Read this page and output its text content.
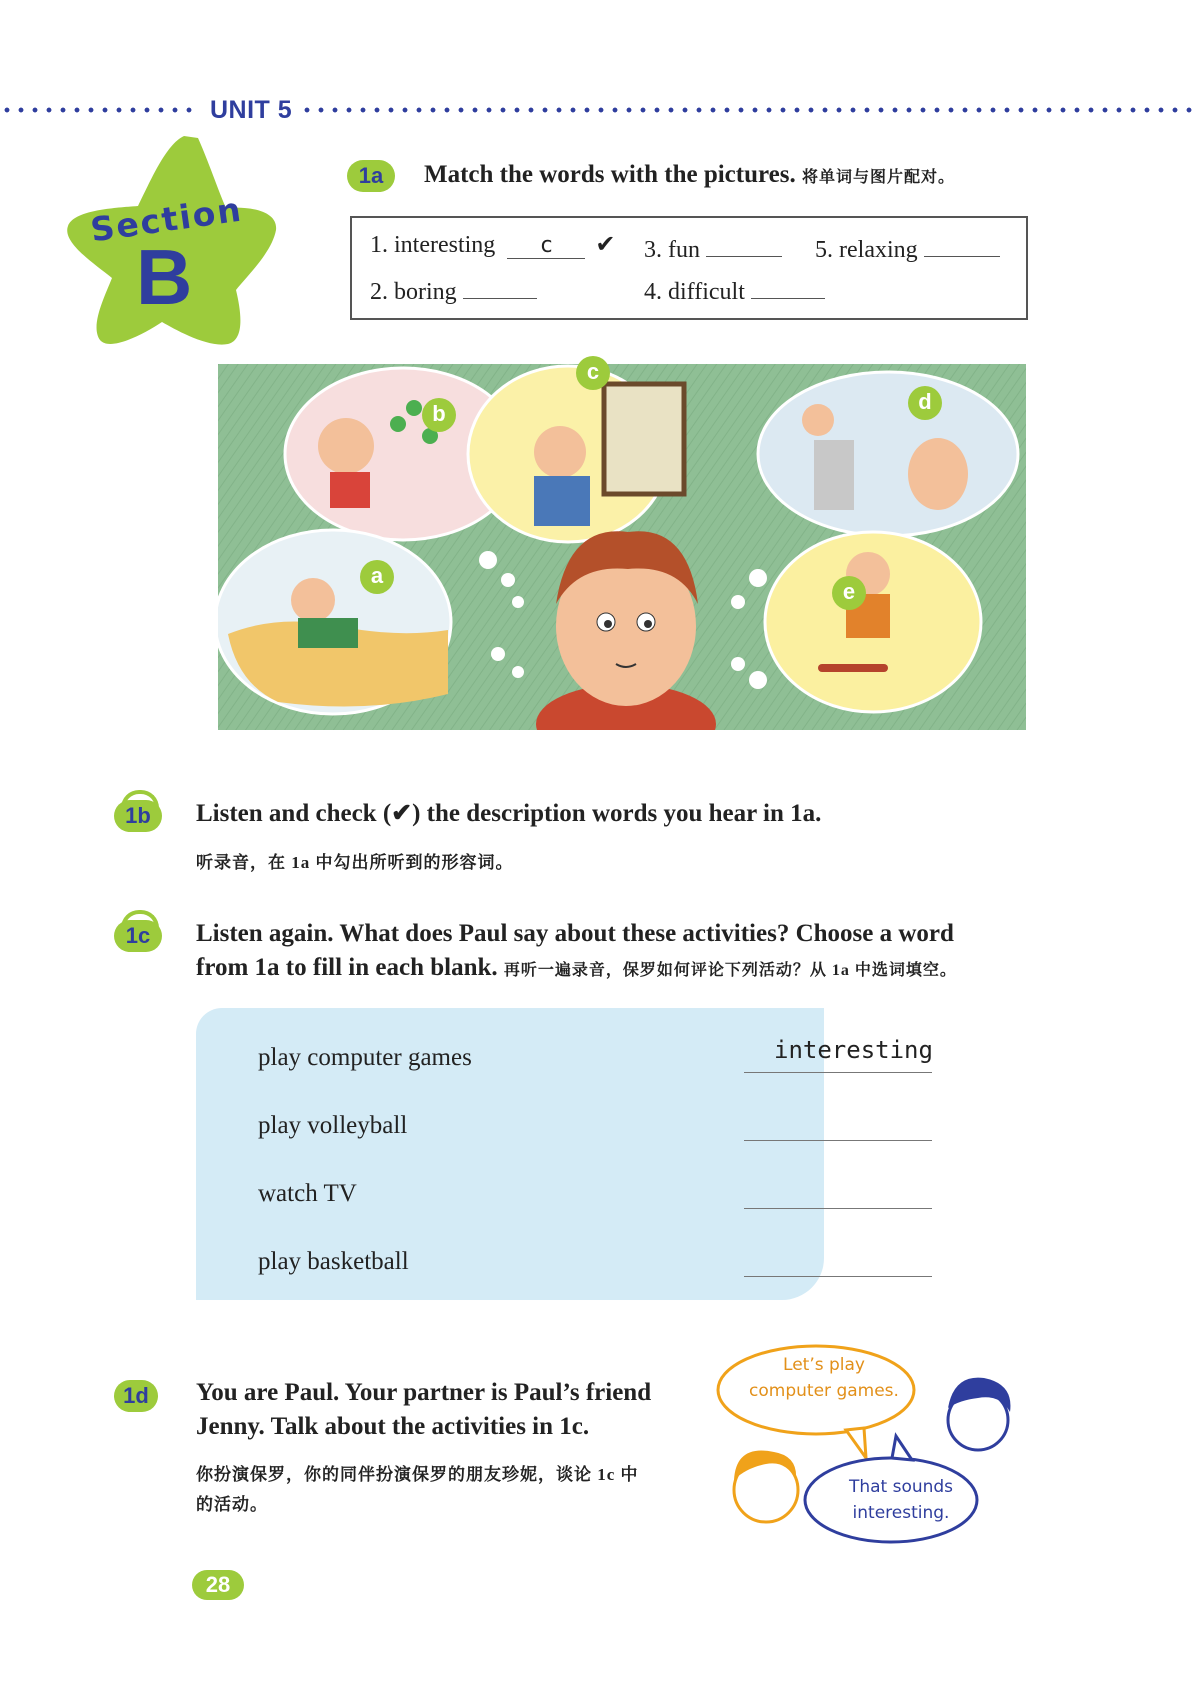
UNIT 5
Section
B
1a	Match the words with the pictures. 将单词与图片配对。
1. interesting c ✔
2. boring
3. fun
4. difficult
5. relaxing
b
c
d
a
e
1b	Listen and check (✔) the description words you hear in 1a.
听录音，在 1a 中勾出所听到的形容词。
1c	Listen again. What does Paul say about these activities? Choose a word
from 1a to fill in each blank. 再听一遍录音，保罗如何评论下列活动？从 1a 中选词填空。
play computer games	interesting
play volleyball
watch TV
play basketball
1d	You are Paul. Your partner is Paul’s friend
Jenny. Talk about the activities in 1c.
你扮演保罗，你的同伴扮演保罗的朋友珍妮，谈论 1c 中
的活动。
Let’s play
computer games.
That sounds
interesting.
28
